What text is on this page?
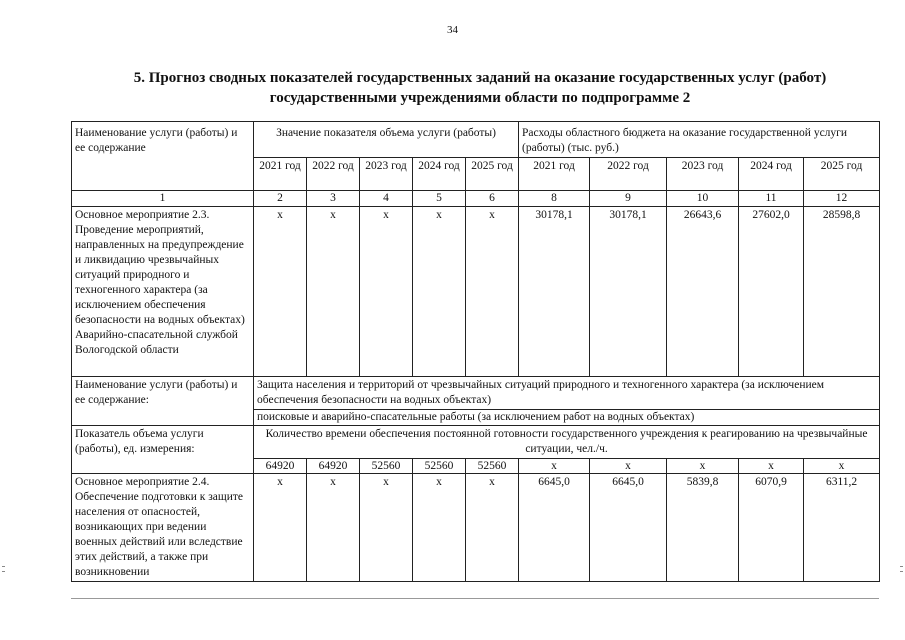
34
5. Прогноз сводных показателей государственных заданий на оказание государственных услуг (работ) государственными учреждениями области по подпрограмме 2
Наименование услуги (работы) и ее содержание	Значение показателя объема услуги (работы)					Расходы областного бюджета на оказание государственной услуги (работы) (тыс. руб.)				
	2021 год	2022 год	2023 год	2024 год	2025 год	2021 год	2022 год	2023 год	2024 год	2025 год
1	2	3	4	5	6	8	9	10	11	12
Основное мероприятие 2.3. Проведение мероприятий, направленных на предупреждение и ликвидацию чрезвычайных ситуаций природного и техногенного характера (за исключением обеспечения безопасности на водных объектах) Аварийно-спасательной службой Вологодской области	x	x	x	x	x	30178,1	30178,1	26643,6	27602,0	28598,8
Наименование услуги (работы) и ее содержание:	Защита населения и территорий от чрезвычайных ситуаций природного и техногенного характера (за исключением обеспечения безопасности на водных объектах)									
	поисковые и аварийно-спасательные работы (за исключением работ на водных объектах)									
Показатель объема услуги (работы), ед. измерения:	Количество времени обеспечения постоянной готовности государственного учреждения к реагированию на чрезвычайные ситуации, чел./ч.									
	64920	64920	52560	52560	52560	x	x	x	x	x
Основное мероприятие 2.4. Обеспечение подготовки к защите населения от опасностей, возникающих при ведении военных действий или вследствие этих действий, а также при возникновении	x	x	x	x	x	6645,0	6645,0	5839,8	6070,9	6311,2
